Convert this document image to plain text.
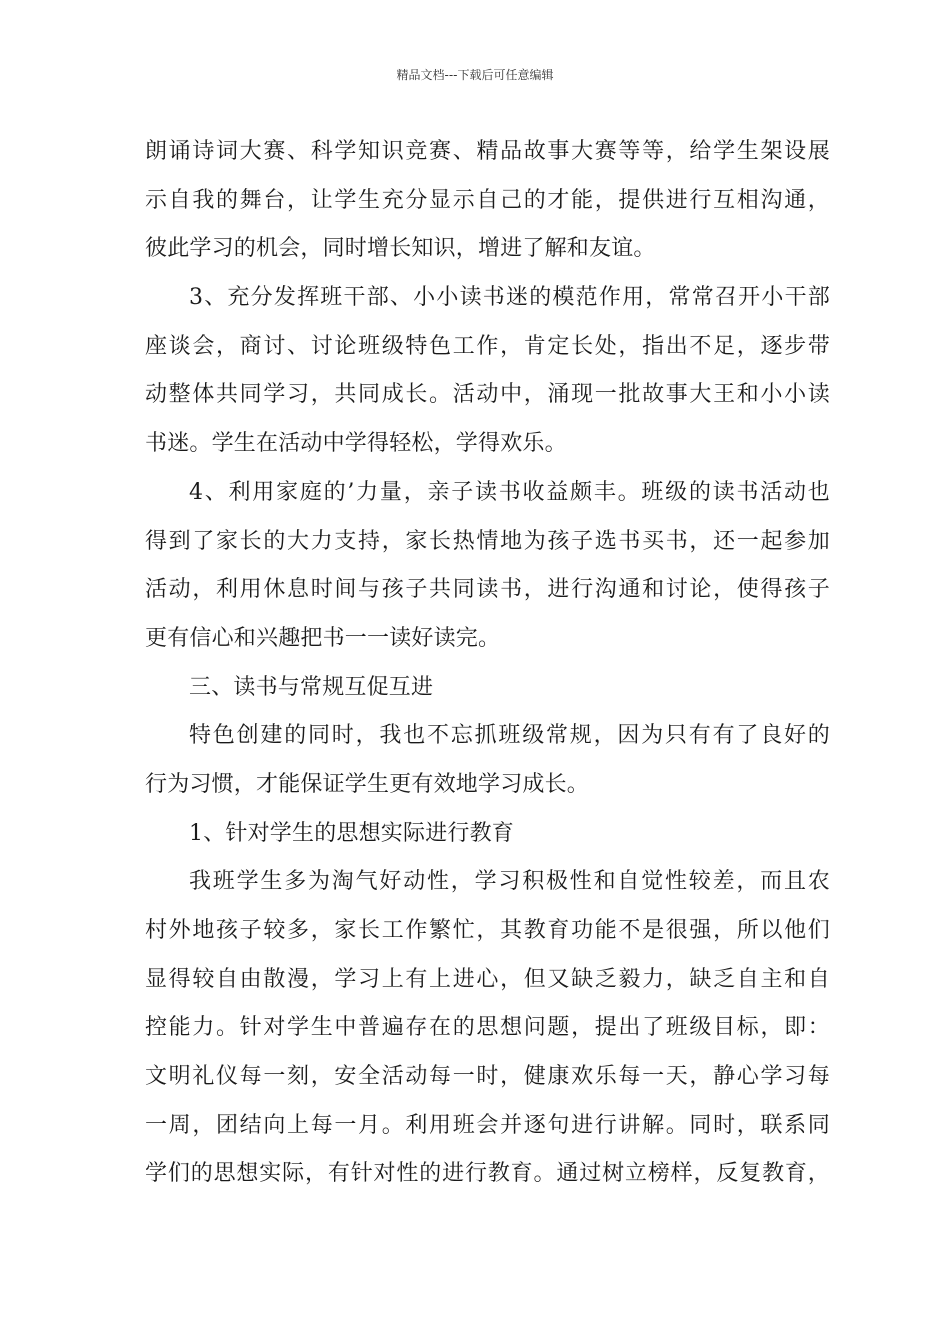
精品文档---下载后可任意编辑
朗诵诗词大赛、科学知识竞赛、精品故事大赛等等，给学生架设展
示自我的舞台，让学生充分显示自己的才能，提供进行互相沟通，
彼此学习的机会，同时增长知识，增进了解和友谊。
3、充分发挥班干部、小小读书迷的模范作用，常常召开小干部
座谈会，商讨、讨论班级特色工作，肯定长处，指出不足，逐步带
动整体共同学习，共同成长。活动中，涌现一批故事大王和小小读
书迷。学生在活动中学得轻松，学得欢乐。
4、利用家庭的’力量，亲子读书收益颇丰。班级的读书活动也
得到了家长的大力支持，家长热情地为孩子选书买书，还一起参加
活动，利用休息时间与孩子共同读书，进行沟通和讨论，使得孩子
更有信心和兴趣把书一一读好读完。
三、读书与常规互促互进
特色创建的同时，我也不忘抓班级常规，因为只有有了良好的
行为习惯，才能保证学生更有效地学习成长。
1、针对学生的思想实际进行教育
我班学生多为淘气好动性，学习积极性和自觉性较差，而且农
村外地孩子较多，家长工作繁忙，其教育功能不是很强，所以他们
显得较自由散漫，学习上有上进心，但又缺乏毅力，缺乏自主和自
控能力。针对学生中普遍存在的思想问题，提出了班级目标，即：
文明礼仪每一刻，安全活动每一时，健康欢乐每一天，静心学习每
一周，团结向上每一月。利用班会并逐句进行讲解。同时，联系同
学们的思想实际，有针对性的进行教育。通过树立榜样，反复教育，
